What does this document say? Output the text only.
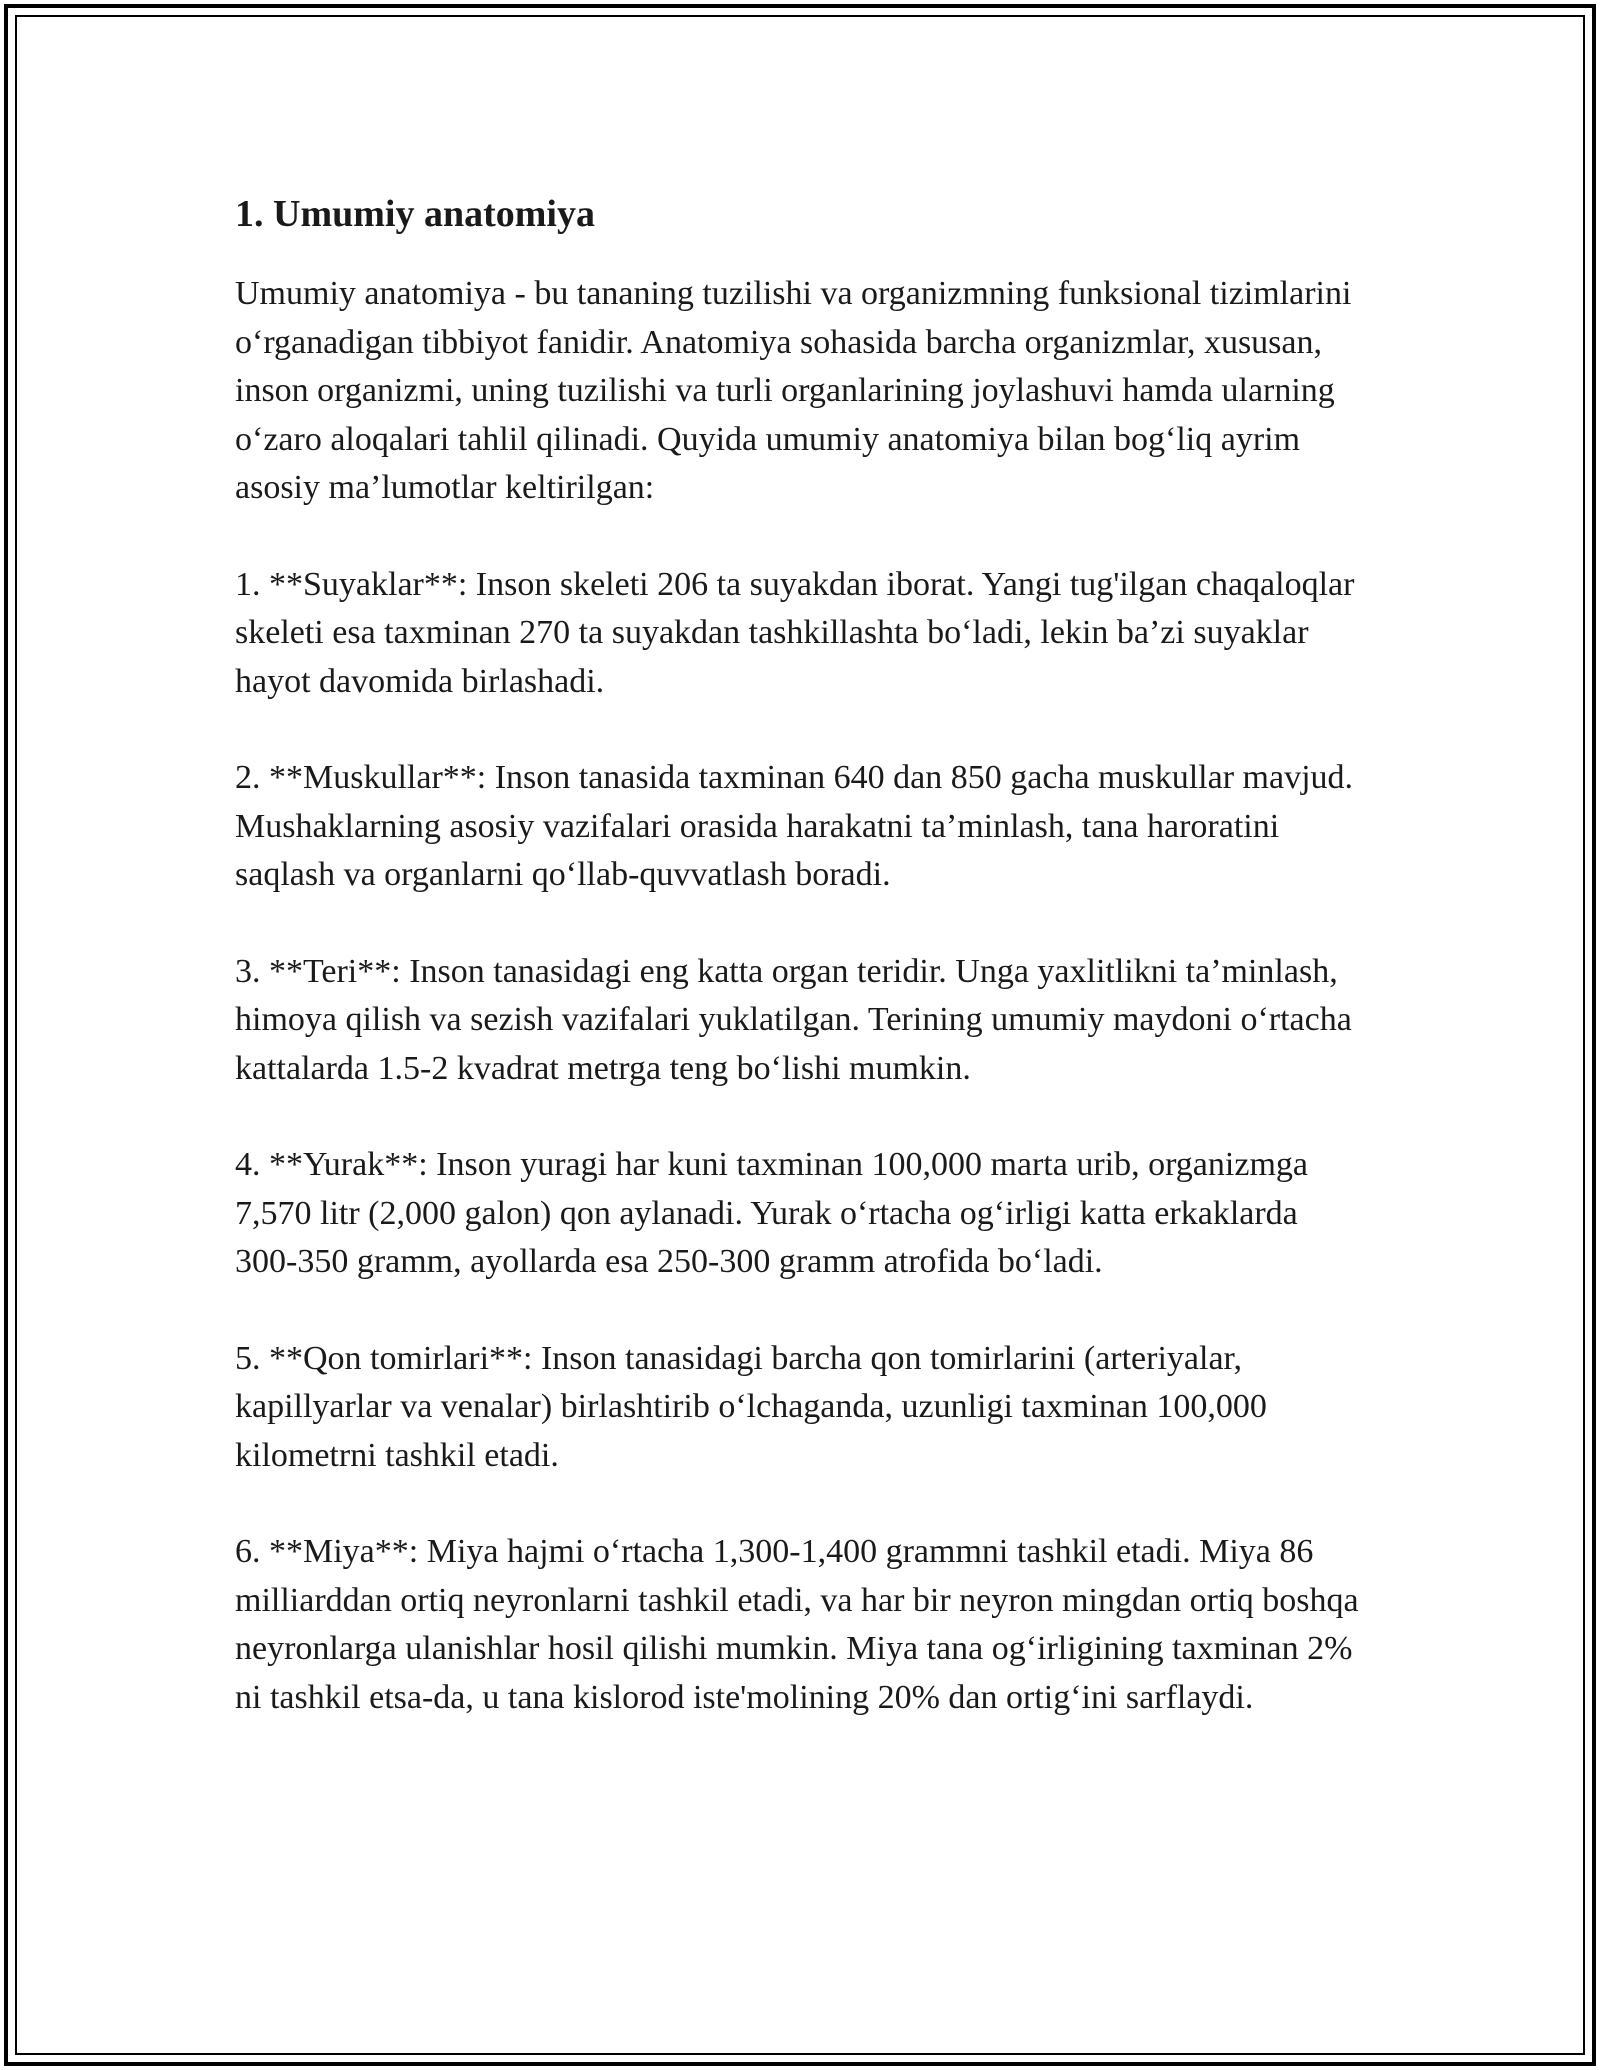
1. Umumiy anatomiya

Umumiy anatomiya - bu tananing tuzilishi va organizmning funksional tizimlarini o‘rganadigan tibbiyot fanidir. Anatomiya sohasida barcha organizmlar, xususan, inson organizmi, uning tuzilishi va turli organlarining joylashuvi hamda ularning o‘zaro aloqalari tahlil qilinadi. Quyida umumiy anatomiya bilan bog‘liq ayrim asosiy ma’lumotlar keltirilgan:

1. **Suyaklar**: Inson skeleti 206 ta suyakdan iborat. Yangi tug'ilgan chaqaloqlar skeleti esa taxminan 270 ta suyakdan tashkillashta bo‘ladi, lekin ba’zi suyaklar hayot davomida birlashadi.

2. **Muskullar**: Inson tanasida taxminan 640 dan 850 gacha muskullar mavjud. Mushaklarning asosiy vazifalari orasida harakatni ta’minlash, tana haroratini saqlash va organlarni qo‘llab-quvvatlash boradi.

3. **Teri**: Inson tanasidagi eng katta organ teridir. Unga yaxlitlikni ta’minlash, himoya qilish va sezish vazifalari yuklatilgan. Terining umumiy maydoni o‘rtacha kattalarda 1.5-2 kvadrat metrga teng bo‘lishi mumkin.

4. **Yurak**: Inson yuragi har kuni taxminan 100,000 marta urib, organizmga 7,570 litr (2,000 galon) qon aylanadi. Yurak o‘rtacha og‘irligi katta erkaklarda 300-350 gramm, ayollarda esa 250-300 gramm atrofida bo‘ladi.

5. **Qon tomirlari**: Inson tanasidagi barcha qon tomirlarini (arteriyalar, kapillyarlar va venalar) birlashtirib o‘lchaganda, uzunligi taxminan 100,000 kilometrni tashkil etadi.

6. **Miya**: Miya hajmi o‘rtacha 1,300-1,400 grammni tashkil etadi. Miya 86 milliarddan ortiq neyronlarni tashkil etadi, va har bir neyron mingdan ortiq boshqa neyronlarga ulanishlar hosil qilishi mumkin. Miya tana og‘irligining taxminan 2% ni tashkil etsa-da, u tana kislorod iste'molining 20% dan ortig‘ini sarflaydi.
